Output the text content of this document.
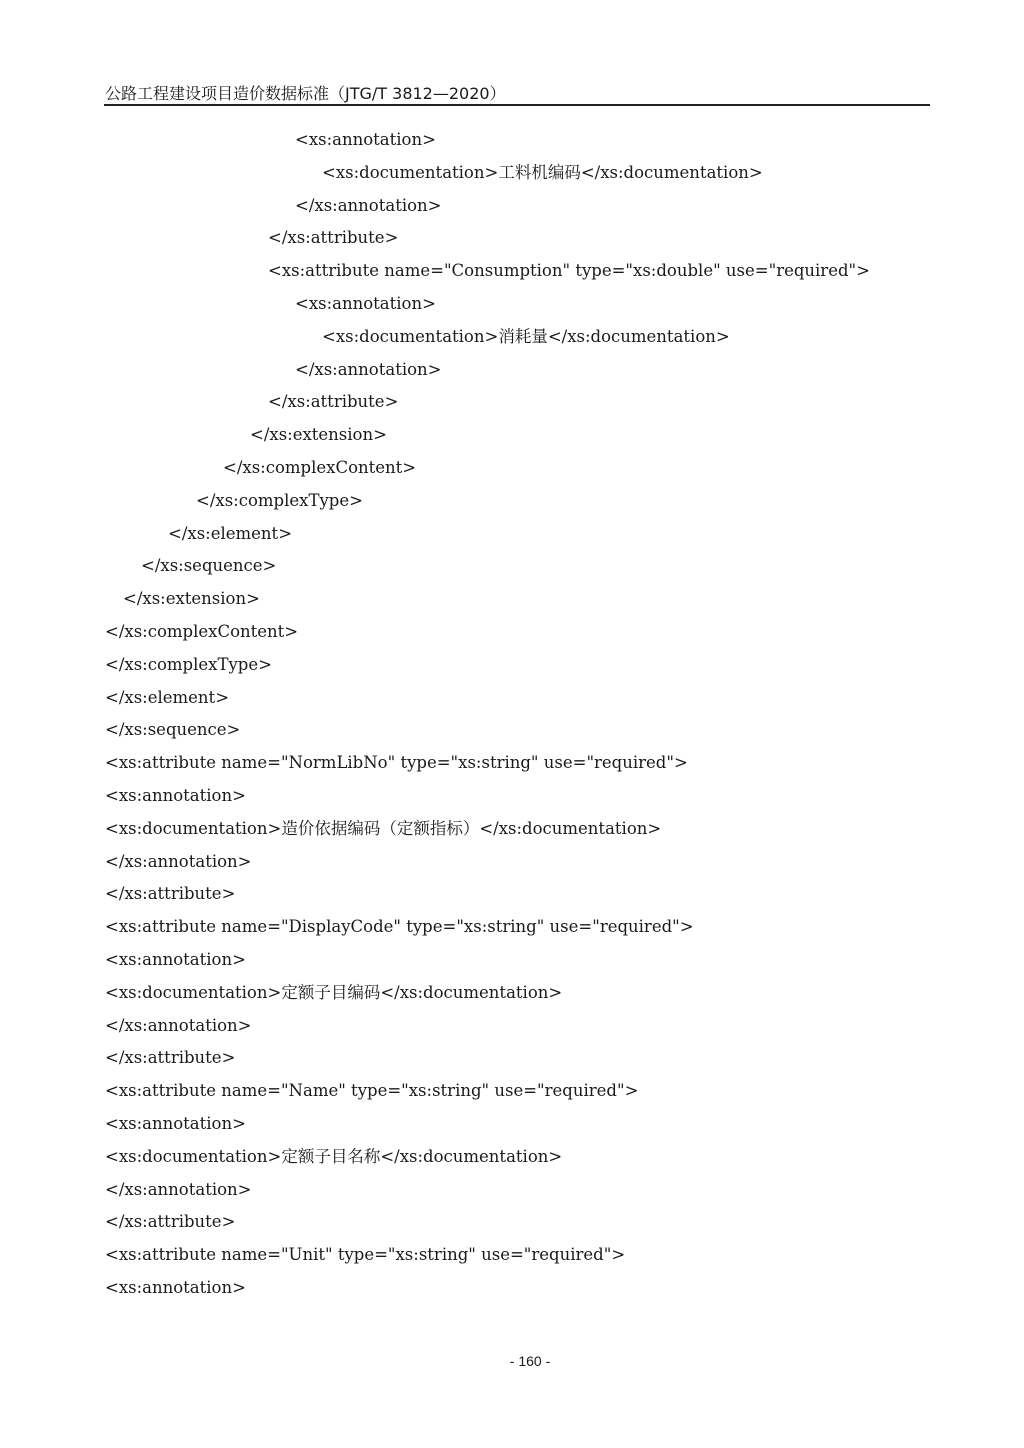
公路工程建设项目造价数据标准（JTG/T 3812—2020）
<xs:annotation>
<xs:documentation>工料机编码</xs:documentation>
</xs:annotation>
</xs:attribute>
<xs:attribute name="Consumption" type="xs:double" use="required">
<xs:annotation>
<xs:documentation>消耗量</xs:documentation>
</xs:annotation>
</xs:attribute>
</xs:extension>
</xs:complexContent>
</xs:complexType>
</xs:element>
</xs:sequence>
</xs:extension>
</xs:complexContent>
</xs:complexType>
</xs:element>
</xs:sequence>
<xs:attribute name="NormLibNo" type="xs:string" use="required">
<xs:annotation>
<xs:documentation>造价依据编码（定额指标）</xs:documentation>
</xs:annotation>
</xs:attribute>
<xs:attribute name="DisplayCode" type="xs:string" use="required">
<xs:annotation>
<xs:documentation>定额子目编码</xs:documentation>
</xs:annotation>
</xs:attribute>
<xs:attribute name="Name" type="xs:string" use="required">
<xs:annotation>
<xs:documentation>定额子目名称</xs:documentation>
</xs:annotation>
</xs:attribute>
<xs:attribute name="Unit" type="xs:string" use="required">
<xs:annotation>
- 160 -
